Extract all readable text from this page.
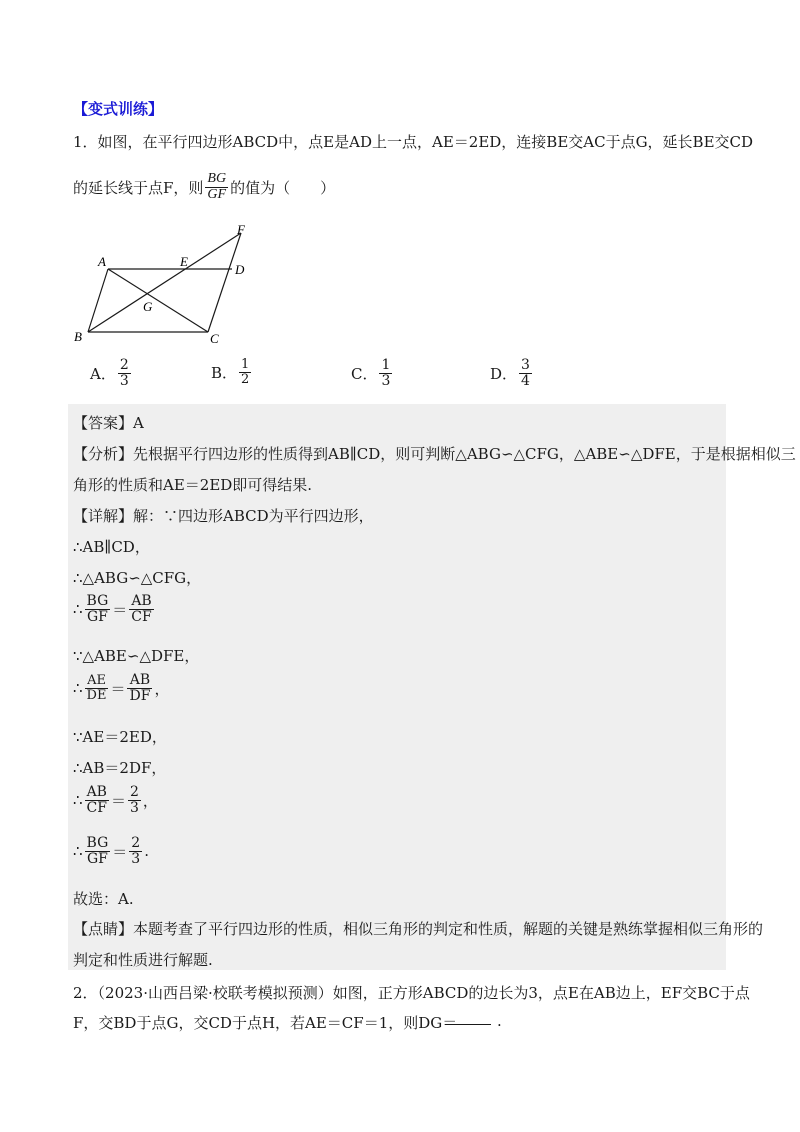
【变式训练】
1．如图，在平行四边形ABCD中，点E是AD上一点，AE＝2ED，连接BE交AC于点G，延长BE交CD
的延长线于点F，则 $\frac{BG}{GF}$ 的值为（　　）
A
B	C
D
E
F
G
A． $\frac{2}{3}$	B． $\frac{1}{2}$	C． $\frac{1}{3}$	D． $\frac{3}{4}$
【答案】A
【分析】先根据平行四边形的性质得到AB∥CD，则可判断△ABG∽△CFG，△ABE∽△DFE，于是根据相似三
角形的性质和AE＝2ED即可得结果.
【详解】解：∵四边形ABCD为平行四边形，
∴AB∥CD，
∴△ABG∽△CFG，
∴ $\frac{BG}{GF} = \frac{AB}{CF}$
∵△ABE∽△DFE，
∴ $\frac{AE}{DE} = \frac{AB}{DF}$ ，
∵AE＝2ED，
∴AB＝2DF，
∴ $\frac{AB}{CF} = \frac{2}{3}$ ，
∴ $\frac{BG}{GF} = \frac{2}{3}$ .
故选：A.
【点睛】本题考查了平行四边形的性质，相似三角形的判定和性质，解题的关键是熟练掌握相似三角形的
判定和性质进行解题.
2．（2023·山西吕梁·校联考模拟预测）如图，正方形ABCD的边长为3，点E在AB边上，EF交BC于点
F，交BD于点G，交CD于点H，若AE＝CF＝1，则DG＝	.
